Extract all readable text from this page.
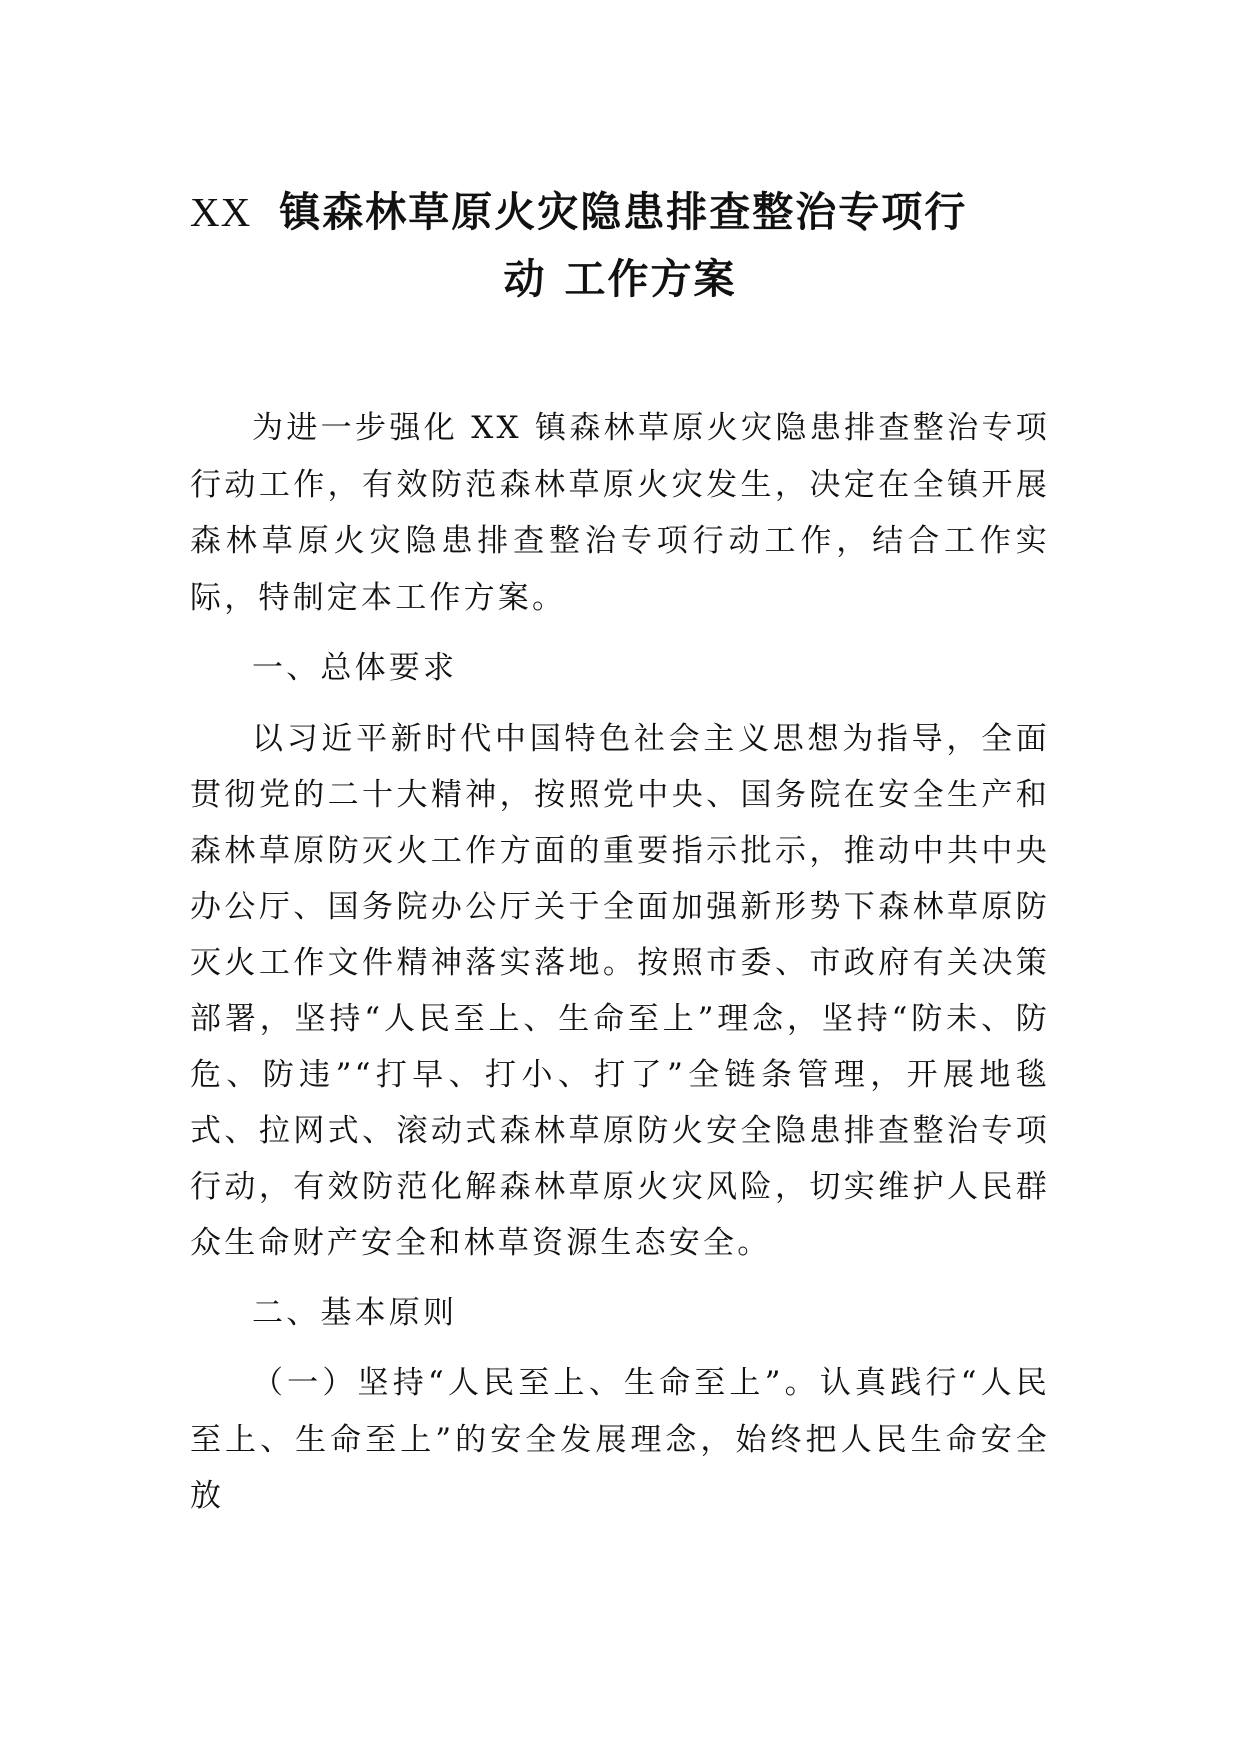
XX 镇森林草原火灾隐患排查整治专项行
动 工作方案

为进一步强化 XX 镇森林草原火灾隐患排查整治专项行动工作，有效防范森林草原火灾发生，决定在全镇开展森林草原火灾隐患排查整治专项行动工作，结合工作实际，特制定本工作方案。

一、总体要求

以习近平新时代中国特色社会主义思想为指导，全面贯彻党的二十大精神，按照党中央、国务院在安全生产和森林草原防灭火工作方面的重要指示批示，推动中共中央办公厅、国务院办公厅关于全面加强新形势下森林草原防灭火工作文件精神落实落地。按照市委、市政府有关决策部署，坚持“人民至上、生命至上”理念，坚持“防未、防危、防违”“打早、打小、打了”全链条管理，开展地毯式、拉网式、滚动式森林草原防火安全隐患排查整治专项行动，有效防范化解森林草原火灾风险，切实维护人民群众生命财产安全和林草资源生态安全。

二、基本原则

（一）坚持“人民至上、生命至上”。认真践行“人民至上、生命至上”的安全发展理念，始终把人民生命安全放
